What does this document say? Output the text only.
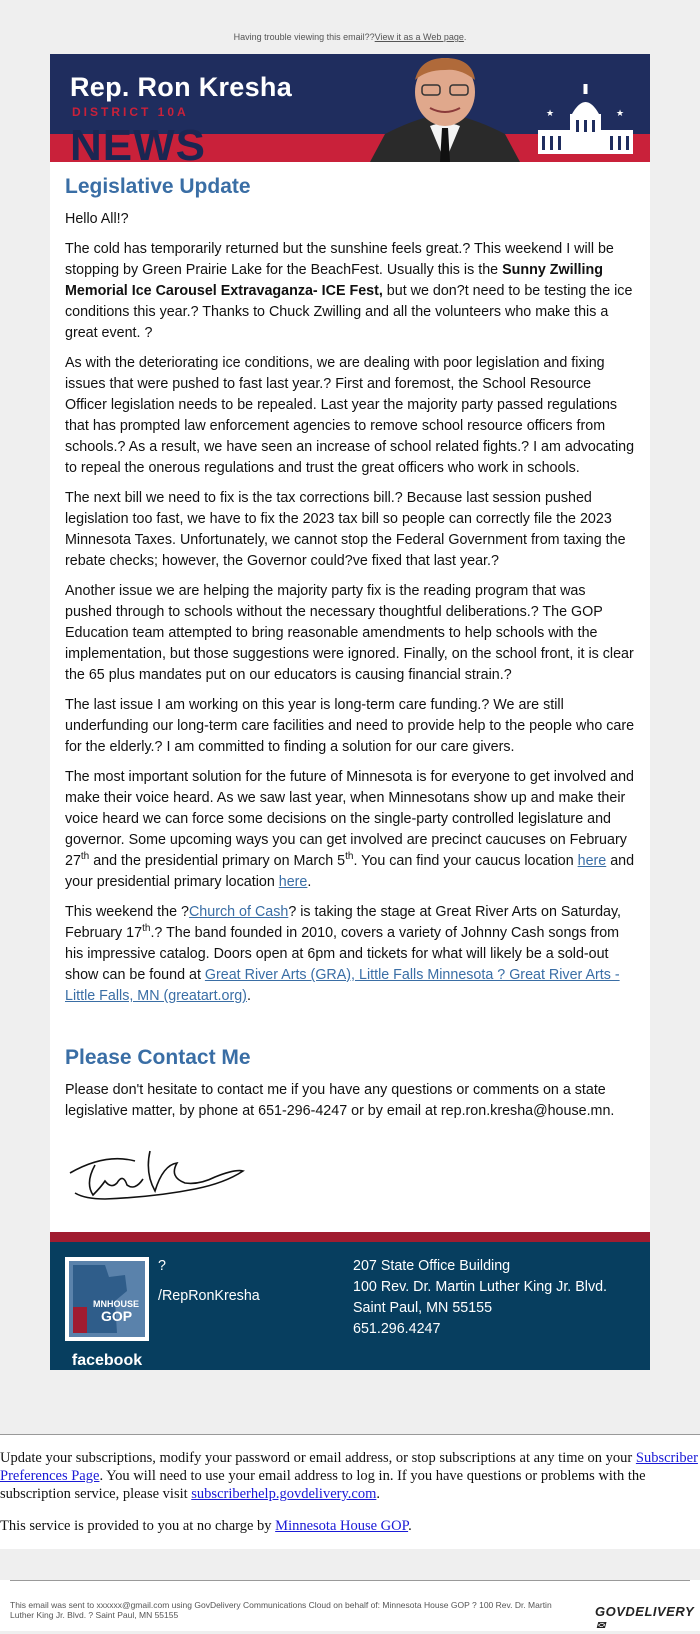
Having trouble viewing this email??View it as a Web page.
Rep. Ron Kresha
DISTRICT 10A
NEWS
★	★
Legislative Update

Hello All!?

The cold has temporarily returned but the sunshine feels great.? This weekend I will be stopping by Green Prairie Lake for the BeachFest. Usually this is the Sunny Zwilling Memorial Ice Carousel Extravaganza- ICE Fest, but we don?t need to be testing the ice conditions this year.? Thanks to Chuck Zwilling and all the volunteers who make this a great event. ?

As with the deteriorating ice conditions, we are dealing with poor legislation and fixing issues that were pushed to fast last year.? First and foremost, the School Resource Officer legislation needs to be repealed. Last year the majority party passed regulations that has prompted law enforcement agencies to remove school resource officers from schools.? As a result, we have seen an increase of school related fights.? I am advocating to repeal the onerous regulations and trust the great officers who work in schools.

The next bill we need to fix is the tax corrections bill.? Because last session pushed legislation too fast, we have to fix the 2023 tax bill so people can correctly file the 2023 Minnesota Taxes. Unfortunately, we cannot stop the Federal Government from taxing the rebate checks; however, the Governor could?ve fixed that last year.?

Another issue we are helping the majority party fix is the reading program that was pushed through to schools without the necessary thoughtful deliberations.? The GOP Education team attempted to bring reasonable amendments to help schools with the implementation, but those suggestions were ignored. Finally, on the school front, it is clear the 65 plus mandates put on our educators is causing financial strain.?

The last issue I am working on this year is long-term care funding.? We are still underfunding our long-term care facilities and need to provide help to the people who care for the elderly.? I am committed to finding a solution for our care givers.

The most important solution for the future of Minnesota is for everyone to get involved and make their voice heard. As we saw last year, when Minnesotans show up and make their voice heard we can force some decisions on the single-party controlled legislature and governor. Some upcoming ways you can get involved are precinct caucuses on February 27th and the presidential primary on March 5th. You can find your caucus location here and your presidential primary location here.

This weekend the ?Church of Cash? is taking the stage at Great River Arts on Saturday, February 17th.? The band founded in 2010, covers a variety of Johnny Cash songs from his impressive catalog. Doors open at 6pm and tickets for what will likely be a sold-out show can be found at Great River Arts (GRA), Little Falls Minnesota ? Great River Arts - Little Falls, MN (greatart.org).

Please Contact Me

Please don't hesitate to contact me if you have any questions or comments on a state legislative matter, by phone at 651-296-4247 or by email at rep.ron.kresha@house.mn.

MNHOUSE
GOP
facebook
?
/RepRonKresha
207 State Office Building
100 Rev. Dr. Martin Luther King Jr. Blvd.
Saint Paul, MN 55155
651.296.4247

Update your subscriptions, modify your password or email address, or stop subscriptions at any time on your Subscriber Preferences Page. You will need to use your email address to log in. If you have questions or problems with the subscription service, please visit subscriberhelp.govdelivery.com.

This service is provided to you at no charge by Minnesota House GOP.

This email was sent to xxxxxx@gmail.com using GovDelivery Communications Cloud on behalf of: Minnesota House GOP ? 100 Rev. Dr. Martin Luther King Jr. Blvd. ? Saint Paul, MN 55155	GOVDELIVERY✉
